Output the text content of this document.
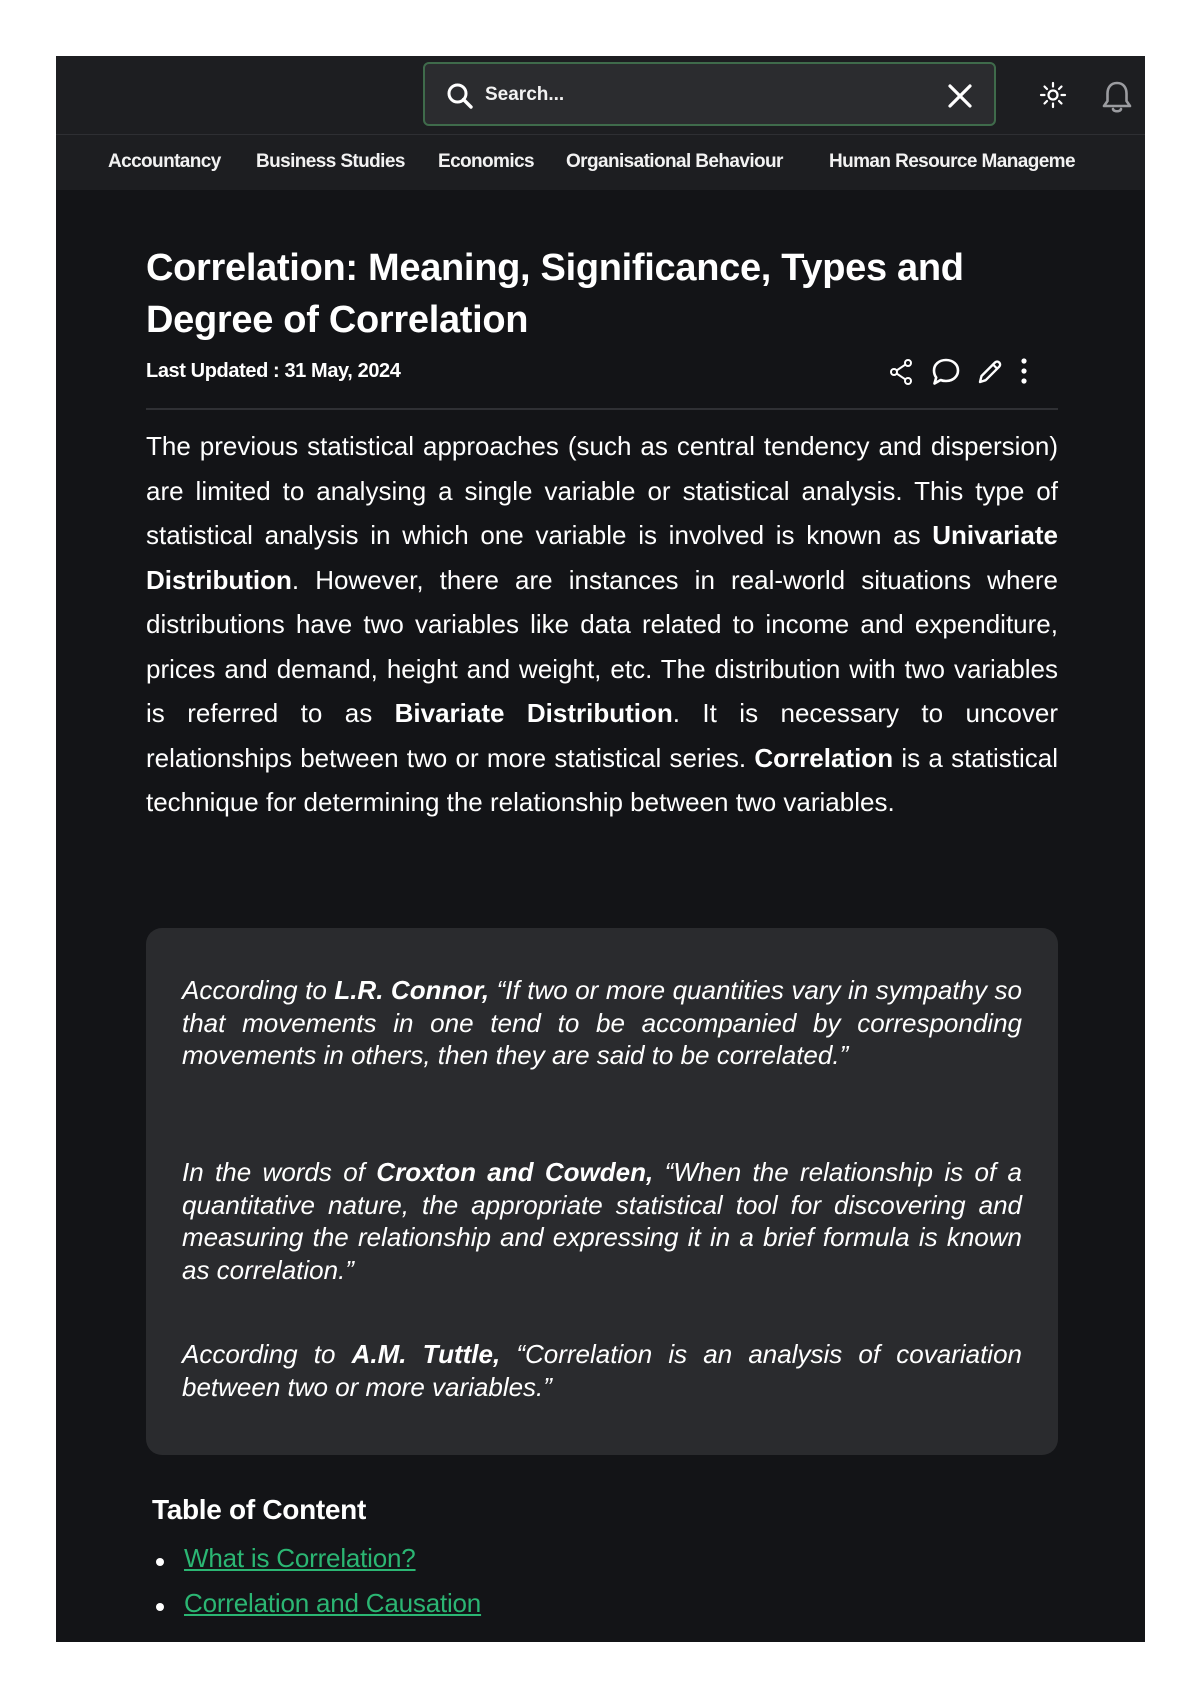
Search...
Accountancy Business Studies Economics Organisational Behaviour Human Resource Manageme
Correlation: Meaning, Significance, Types and
Degree of Correlation
Last Updated : 31 May, 2024

The previous statistical approaches (such as central tendency and dispersion) are limited to analysing a single variable or statistical analysis. This type of statistical analysis in which one variable is involved is known as Univariate Distribution. However, there are instances in real-world situations where distributions have two variables like data related to income and expenditure, prices and demand, height and weight, etc. The distribution with two variables is referred to as Bivariate Distribution. It is necessary to uncover relationships between two or more statistical series. Correlation is a statistical technique for determining the relationship between two variables.

According to L.R. Connor, “If two or more quantities vary in sympathy so that movements in one tend to be accompanied by corresponding movements in others, then they are said to be correlated.”

In the words of Croxton and Cowden, “When the relationship is of a quantitative nature, the appropriate statistical tool for discovering and measuring the relationship and expressing it in a brief formula is known as correlation.”

According to A.M. Tuttle, “Correlation is an analysis of covariation between two or more variables.”

Table of Content
What is Correlation?
Correlation and Causation
